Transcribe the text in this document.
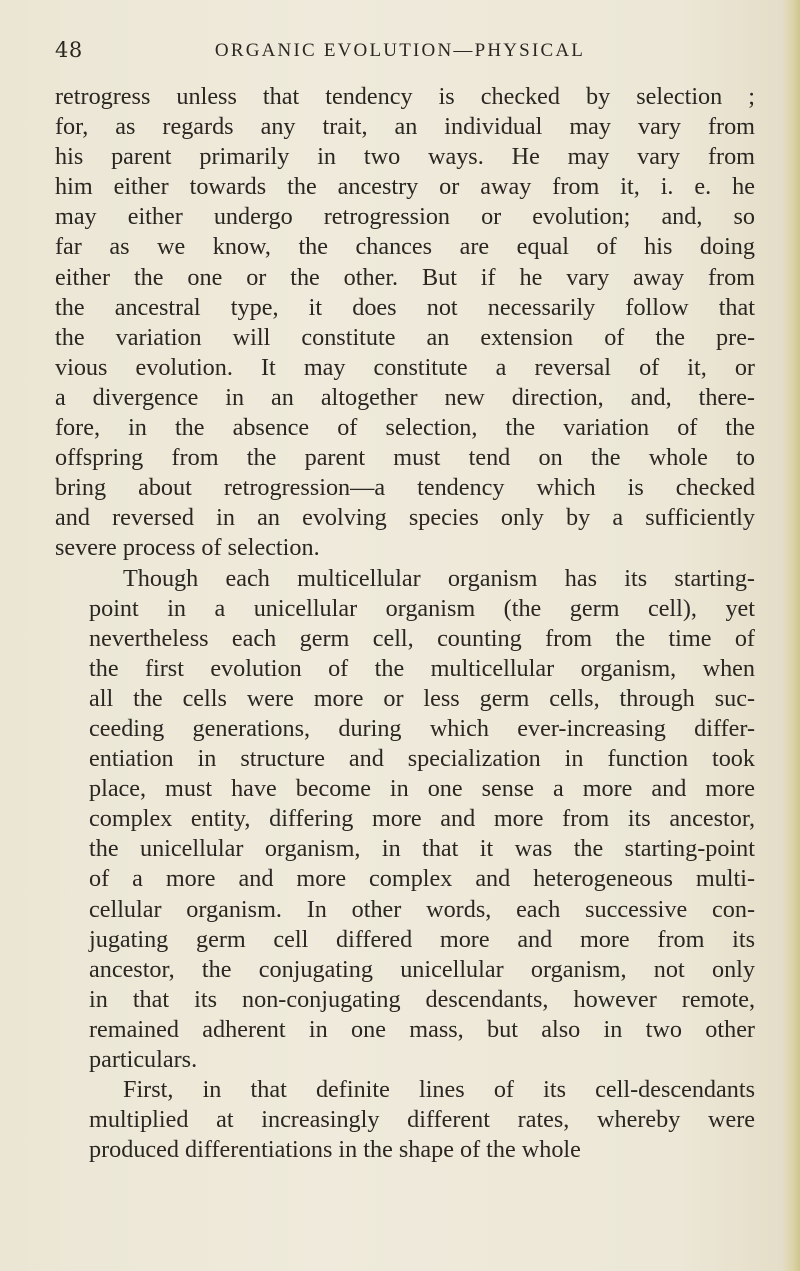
48	ORGANIC EVOLUTION—PHYSICAL

retrogress unless that tendency is checked by selection ;
for, as regards any trait, an individual may vary from
his parent primarily in two ways. He may vary from
him either towards the ancestry or away from it, i. e. he
may either undergo retrogression or evolution; and, so
far as we know, the chances are equal of his doing
either the one or the other. But if he vary away from
the ancestral type, it does not necessarily follow that
the variation will constitute an extension of the pre-
vious evolution. It may constitute a reversal of it, or
a divergence in an altogether new direction, and, there-
fore, in the absence of selection, the variation of the
offspring from the parent must tend on the whole to
bring about retrogression—a tendency which is checked
and reversed in an evolving species only by a sufficiently
severe process of selection.

Though each multicellular organism has its starting-
point in a unicellular organism (the germ cell), yet
nevertheless each germ cell, counting from the time of
the first evolution of the multicellular organism, when
all the cells were more or less germ cells, through suc-
ceeding generations, during which ever-increasing differ-
entiation in structure and specialization in function took
place, must have become in one sense a more and more
complex entity, differing more and more from its ancestor,
the unicellular organism, in that it was the starting-point
of a more and more complex and heterogeneous multi-
cellular organism. In other words, each successive con-
jugating germ cell differed more and more from its
ancestor, the conjugating unicellular organism, not only
in that its non-conjugating descendants, however remote,
remained adherent in one mass, but also in two other
particulars.

First, in that definite lines of its cell-descendants
multiplied at increasingly different rates, whereby were
produced differentiations in the shape of the whole
